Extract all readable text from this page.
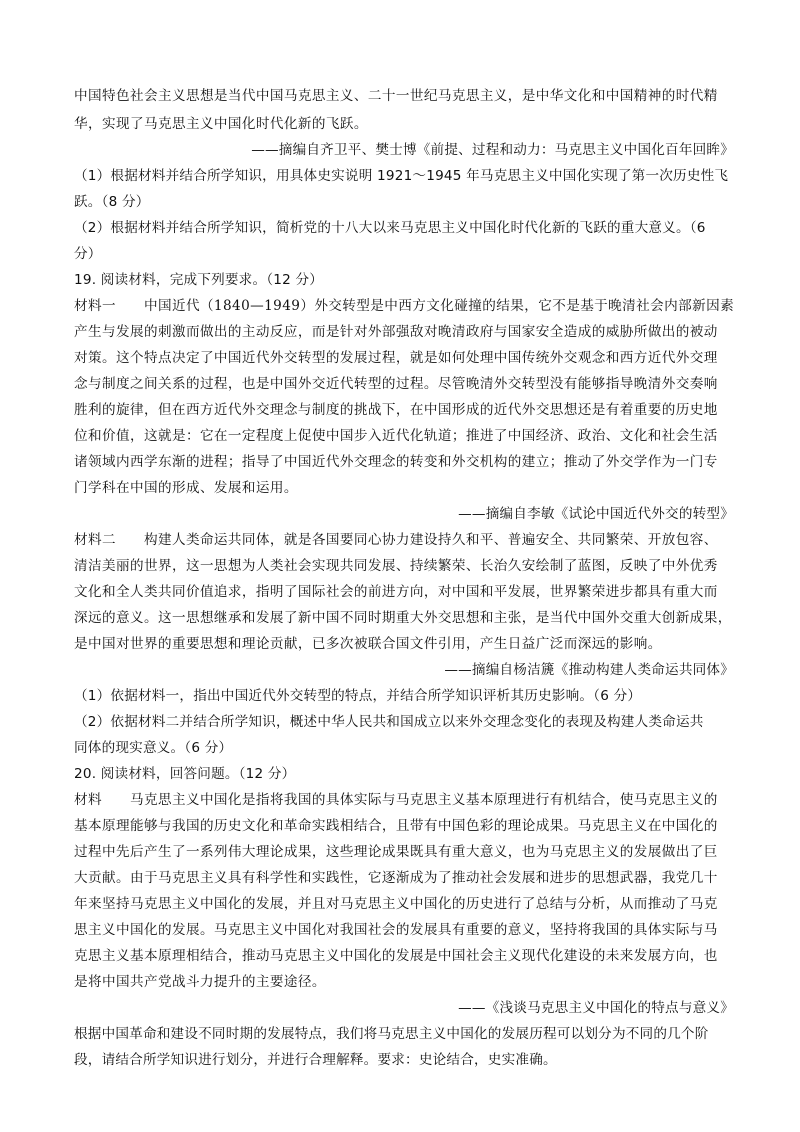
中国特色社会主义思想是当代中国马克思主义、二十一世纪马克思主义，是中华文化和中国精神的时代精
华，实现了马克思主义中国化时代化新的飞跃。
——摘编自齐卫平、樊士博《前提、过程和动力：马克思主义中国化百年回眸》
（1）根据材料并结合所学知识，用具体史实说明 1921～1945 年马克思主义中国化实现了第一次历史性飞
跃。（8 分）
（2）根据材料并结合所学知识，简析党的十八大以来马克思主义中国化时代化新的飞跃的重大意义。（6
分）
19. 阅读材料，完成下列要求。（12 分）
材料一　　中国近代（1840—1949）外交转型是中西方文化碰撞的结果，它不是基于晚清社会内部新因素
产生与发展的刺激而做出的主动反应，而是针对外部强敌对晚清政府与国家安全造成的威胁所做出的被动
对策。这个特点决定了中国近代外交转型的发展过程，就是如何处理中国传统外交观念和西方近代外交理
念与制度之间关系的过程，也是中国外交近代转型的过程。尽管晚清外交转型没有能够指导晚清外交奏响
胜利的旋律，但在西方近代外交理念与制度的挑战下，在中国形成的近代外交思想还是有着重要的历史地
位和价值，这就是：它在一定程度上促使中国步入近代化轨道；推进了中国经济、政治、文化和社会生活
诸领域内西学东渐的进程；指导了中国近代外交理念的转变和外交机构的建立；推动了外交学作为一门专
门学科在中国的形成、发展和运用。
——摘编自李敏《试论中国近代外交的转型》
材料二　　构建人类命运共同体，就是各国要同心协力建设持久和平、普遍安全、共同繁荣、开放包容、
清洁美丽的世界，这一思想为人类社会实现共同发展、持续繁荣、长治久安绘制了蓝图，反映了中外优秀
文化和全人类共同价值追求，指明了国际社会的前进方向，对中国和平发展，世界繁荣进步都具有重大而
深远的意义。这一思想继承和发展了新中国不同时期重大外交思想和主张，是当代中国外交重大创新成果，
是中国对世界的重要思想和理论贡献，已多次被联合国文件引用，产生日益广泛而深远的影响。
——摘编自杨洁篪《推动构建人类命运共同体》
（1）依据材料一，指出中国近代外交转型的特点，并结合所学知识评析其历史影响。（6 分）
（2）依据材料二并结合所学知识，概述中华人民共和国成立以来外交理念变化的表现及构建人类命运共
同体的现实意义。（6 分）
20. 阅读材料，回答问题。（12 分）
材料　　马克思主义中国化是指将我国的具体实际与马克思主义基本原理进行有机结合，使马克思主义的
基本原理能够与我国的历史文化和革命实践相结合，且带有中国色彩的理论成果。马克思主义在中国化的
过程中先后产生了一系列伟大理论成果，这些理论成果既具有重大意义，也为马克思主义的发展做出了巨
大贡献。由于马克思主义具有科学性和实践性，它逐渐成为了推动社会发展和进步的思想武器，我党几十
年来坚持马克思主义中国化的发展，并且对马克思主义中国化的历史进行了总结与分析，从而推动了马克
思主义中国化的发展。马克思主义中国化对我国社会的发展具有重要的意义，坚持将我国的具体实际与马
克思主义基本原理相结合，推动马克思主义中国化的发展是中国社会主义现代化建设的未来发展方向，也
是将中国共产党战斗力提升的主要途径。
——《浅谈马克思主义中国化的特点与意义》
根据中国革命和建设不同时期的发展特点，我们将马克思主义中国化的发展历程可以划分为不同的几个阶
段，请结合所学知识进行划分，并进行合理解释。要求：史论结合，史实准确。
